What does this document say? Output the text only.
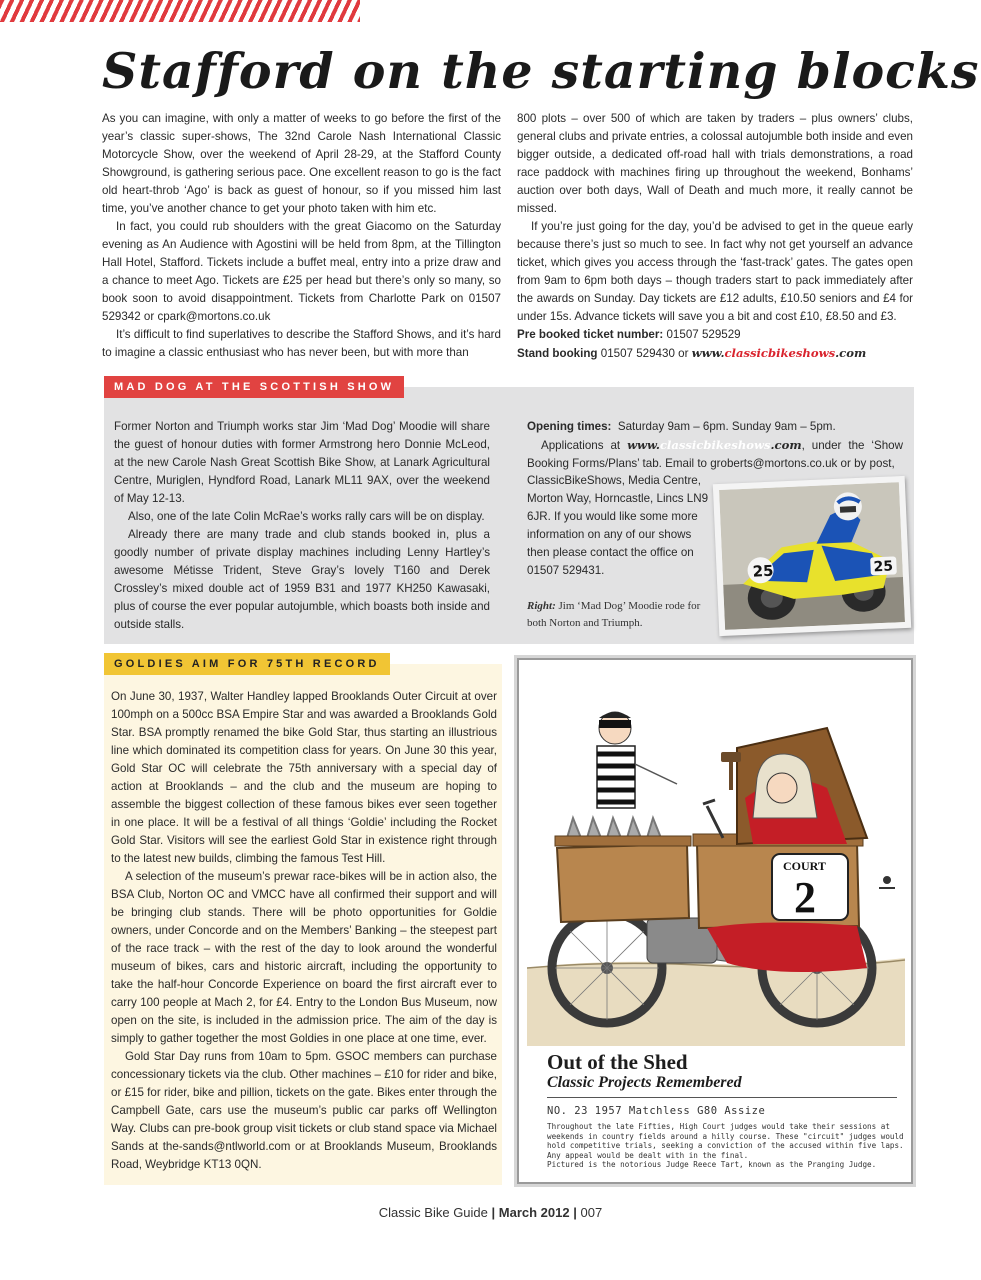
Stafford on the starting blocks

As you can imagine, with only a matter of weeks to go before the first of the year’s classic super-shows, The 32nd Carole Nash International Classic Motorcycle Show, over the weekend of April 28-29, at the Stafford County Showground, is gathering serious pace. One excellent reason to go is the fact old heart-throb ‘Ago’ is back as guest of honour, so if you missed him last time, you’ve another chance to get your photo taken with him etc.

In fact, you could rub shoulders with the great Giacomo on the Saturday evening as An Audience with Agostini will be held from 8pm, at the Tillington Hall Hotel, Stafford. Tickets include a buffet meal, entry into a prize draw and a chance to meet Ago. Tickets are £25 per head but there’s only so many, so book soon to avoid disappointment. Tickets from Charlotte Park on 01507 529342 or cpark@mortons.co.uk

It’s difficult to find superlatives to describe the Stafford Shows, and it’s hard to imagine a classic enthusiast who has never been, but with more than

800 plots – over 500 of which are taken by traders – plus owners’ clubs, general clubs and private entries, a colossal autojumble both inside and even bigger outside, a dedicated off-road hall with trials demonstrations, a road race paddock with machines firing up throughout the weekend, Bonhams’ auction over both days, Wall of Death and much more, it really cannot be missed.

If you’re just going for the day, you’d be advised to get in the queue early because there’s just so much to see. In fact why not get yourself an advance ticket, which gives you access through the ‘fast-track’ gates. The gates open from 9am to 6pm both days – though traders start to pack immediately after the awards on Sunday. Day tickets are £12 adults, £10.50 seniors and £4 for under 15s. Advance tickets will save you a bit and cost £10, £8.50 and £3.

Pre booked ticket number: 01507 529529

Stand booking 01507 529430 or www.classicbikeshows.com

MAD DOG AT THE SCOTTISH SHOW

Former Norton and Triumph works star Jim ‘Mad Dog’ Moodie will share the guest of honour duties with former Armstrong hero Donnie McLeod, at the new Carole Nash Great Scottish Bike Show, at Lanark Agricultural Centre, Muriglen, Hyndford Road, Lanark ML11 9AX, over the weekend of May 12-13.

Also, one of the late Colin McRae’s works rally cars will be on display.

Already there are many trade and club stands booked in, plus a goodly number of private display machines including Lenny Hartley’s awesome Métisse Trident, Steve Gray’s lovely T160 and Derek Crossley’s mixed double act of 1959 B31 and 1977 KH250 Kawasaki, plus of course the ever popular autojumble, which boasts both inside and outside stalls.

Opening times: Saturday 9am – 6pm. Sunday 9am – 5pm.

Applications at www.classicbikeshows.com, under the ‘Show Booking Forms/Plans’ tab. Email to groberts@mortons.co.uk or by post,

ClassicBikeShows, Media Centre, Morton Way, Horncastle, Lincs LN9 6JR. If you would like some more information on any of our shows then please contact the office on 01507 529431.
Right: Jim ‘Mad Dog’ Moodie rode for both Norton and Triumph.
25	25
GOLDIES AIM FOR 75TH RECORD

On June 30, 1937, Walter Handley lapped Brooklands Outer Circuit at over 100mph on a 500cc BSA Empire Star and was awarded a Brooklands Gold Star. BSA promptly renamed the bike Gold Star, thus starting an illustrious line which dominated its competition class for years. On June 30 this year, Gold Star OC will celebrate the 75th anniversary with a special day of action at Brooklands – and the club and the museum are hoping to assemble the biggest collection of these famous bikes ever seen together in one place. It will be a festival of all things ‘Goldie’ including the Rocket Gold Star. Visitors will see the earliest Gold Star in existence right through to the latest new builds, climbing the famous Test Hill.

A selection of the museum’s prewar race-bikes will be in action also, the BSA Club, Norton OC and VMCC have all confirmed their support and will be bringing club stands. There will be photo opportunities for Goldie owners, under Concorde and on the Members’ Banking – the steepest part of the race track – with the rest of the day to look around the wonderful museum of bikes, cars and historic aircraft, including the opportunity to take the half-hour Concorde Experience on board the first aircraft ever to carry 100 people at Mach 2, for £4. Entry to the London Bus Museum, now open on the site, is included in the admission price. The aim of the day is simply to gather together the most Goldies in one place at one time, ever.

Gold Star Day runs from 10am to 5pm. GSOC members can purchase concessionary tickets via the club. Other machines – £10 for rider and bike, or £15 for rider, bike and pillion, tickets on the gate. Bikes enter through the Campbell Gate, cars use the museum’s public car parks off Wellington Way. Clubs can pre-book group visit tickets or club stand space via Michael Sands at the-sands@ntlworld.com or at Brooklands Museum, Brooklands Road, Weybridge KT13 0QN.

COURT
2
Out of the Shed
Classic Projects Remembered
NO. 23 1957 Matchless G80 Assize

Throughout the late Fifties, High Court judges would take their sessions at

weekends in country fields around a hilly course. These "circuit" judges would

hold competitive trials, seeking a conviction of the accused within five laps.

Any appeal would be dealt with in the final.

Pictured is the notorious Judge Reece Tart, known as the Pranging Judge.

Classic Bike Guide | March 2012 | 007
